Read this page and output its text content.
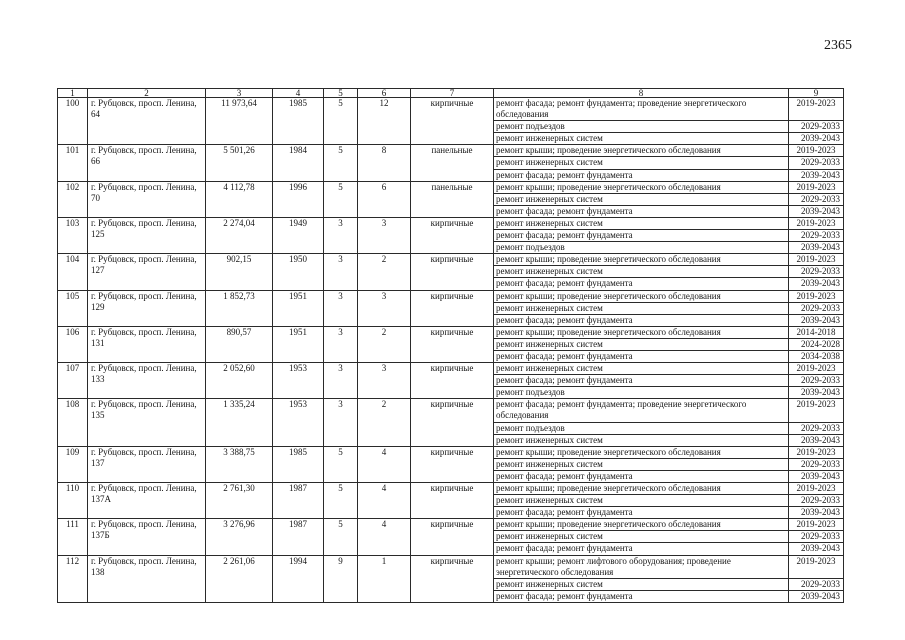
2365
1	2	3	4	5	6	7	8	9
100	г. Рубцовск, просп. Ленина, 64	11 973,64	1985	5	12	кирпичные	ремонт фасада; ремонт фундамента; проведение энергетического обследования	2019-2023
							ремонт подъездов	2029-2033
							ремонт инженерных систем	2039-2043
101	г. Рубцовск, просп. Ленина, 66	5 501,26	1984	5	8	панельные	ремонт крыши; проведение энергетического обследования	2019-2023
							ремонт инженерных систем	2029-2033
							ремонт фасада; ремонт фундамента	2039-2043
102	г. Рубцовск, просп. Ленина, 70	4 112,78	1996	5	6	панельные	ремонт крыши; проведение энергетического обследования	2019-2023
							ремонт инженерных систем	2029-2033
							ремонт фасада; ремонт фундамента	2039-2043
103	г. Рубцовск, просп. Ленина, 125	2 274,04	1949	3	3	кирпичные	ремонт инженерных систем	2019-2023
							ремонт фасада; ремонт фундамента	2029-2033
							ремонт подъездов	2039-2043
104	г. Рубцовск, просп. Ленина, 127	902,15	1950	3	2	кирпичные	ремонт крыши; проведение энергетического обследования	2019-2023
							ремонт инженерных систем	2029-2033
							ремонт фасада; ремонт фундамента	2039-2043
105	г. Рубцовск, просп. Ленина, 129	1 852,73	1951	3	3	кирпичные	ремонт крыши; проведение энергетического обследования	2019-2023
							ремонт инженерных систем	2029-2033
							ремонт фасада; ремонт фундамента	2039-2043
106	г. Рубцовск, просп. Ленина, 131	890,57	1951	3	2	кирпичные	ремонт крыши; проведение энергетического обследования	2014-2018
							ремонт инженерных систем	2024-2028
							ремонт фасада; ремонт фундамента	2034-2038
107	г. Рубцовск, просп. Ленина, 133	2 052,60	1953	3	3	кирпичные	ремонт инженерных систем	2019-2023
							ремонт фасада; ремонт фундамента	2029-2033
							ремонт подъездов	2039-2043
108	г. Рубцовск, просп. Ленина, 135	1 335,24	1953	3	2	кирпичные	ремонт фасада; ремонт фундамента; проведение энергетического обследования	2019-2023
							ремонт подъездов	2029-2033
							ремонт инженерных систем	2039-2043
109	г. Рубцовск, просп. Ленина, 137	3 388,75	1985	5	4	кирпичные	ремонт крыши; проведение энергетического обследования	2019-2023
							ремонт инженерных систем	2029-2033
							ремонт фасада; ремонт фундамента	2039-2043
110	г. Рубцовск, просп. Ленина, 137А	2 761,30	1987	5	4	кирпичные	ремонт крыши; проведение энергетического обследования	2019-2023
							ремонт инженерных систем	2029-2033
							ремонт фасада; ремонт фундамента	2039-2043
111	г. Рубцовск, просп. Ленина, 137Б	3 276,96	1987	5	4	кирпичные	ремонт крыши; проведение энергетического обследования	2019-2023
							ремонт инженерных систем	2029-2033
							ремонт фасада; ремонт фундамента	2039-2043
112	г. Рубцовск, просп. Ленина, 138	2 261,06	1994	9	1	кирпичные	ремонт крыши; ремонт лифтового оборудования; проведение энергетического обследования	2019-2023
							ремонт инженерных систем	2029-2033
							ремонт фасада; ремонт фундамента	2039-2043
